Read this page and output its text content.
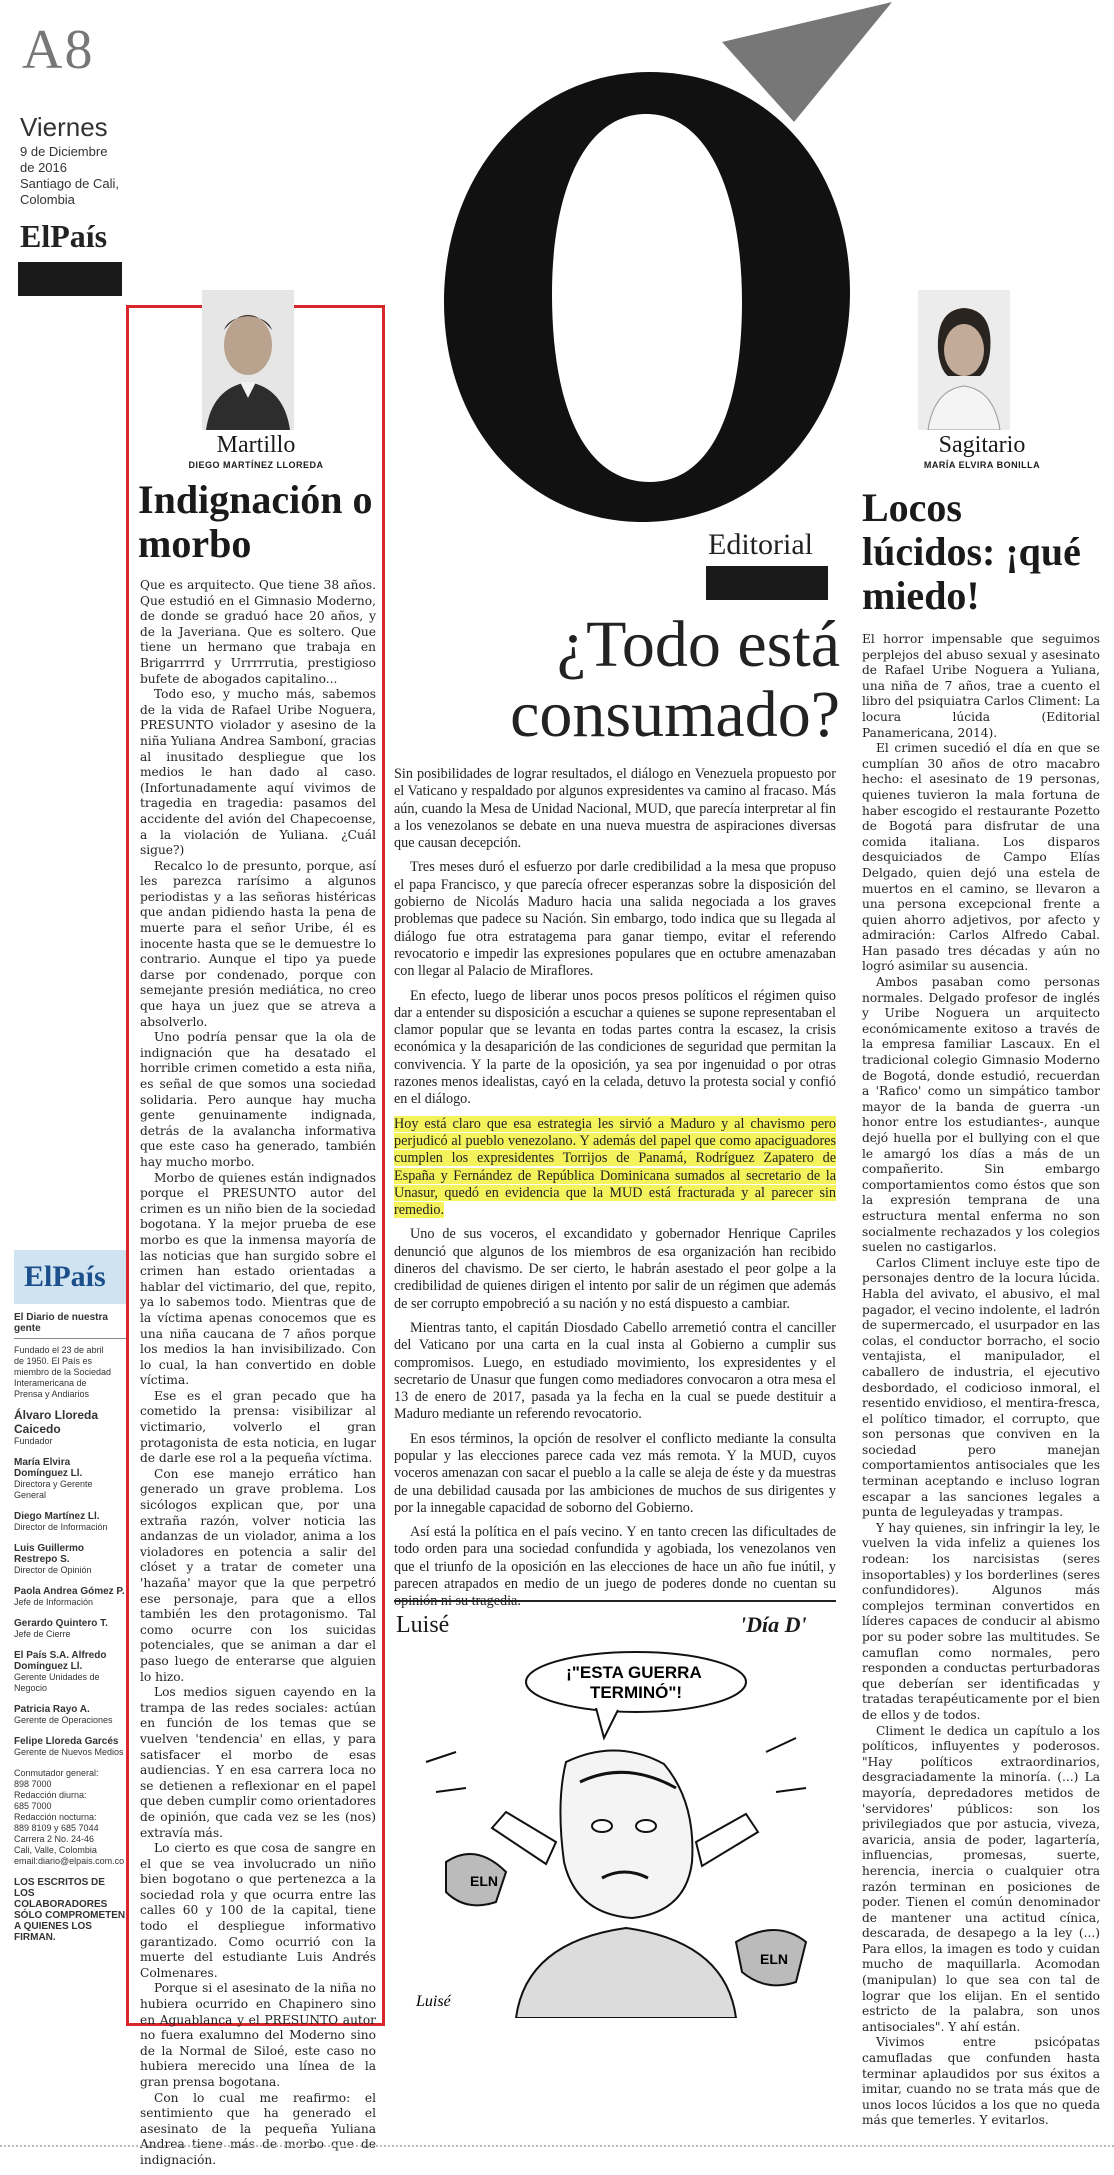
A8
Viernes
9 de Diciembre
de 2016
Santiago de Cali,
Colombia
ElPaís
ElPaís
El Diario de nuestra gente
Fundado el 23 de abril
de 1950. El País es
miembro de la Sociedad
Interamericana de
Prensa y Andiarios
Álvaro Lloreda Caicedo
Fundador
María Elvira Domínguez Ll.
Directora y Gerente General
Diego Martínez Ll.
Director de Información
Luis Guillermo Restrepo S.
Director de Opinión
Paola Andrea Gómez P.
Jefe de Información
Gerardo Quintero T.
Jefe de Cierre
El País S.A. Alfredo Domínguez Ll.
Gerente Unidades de Negocio
Patricia Rayo A.
Gerente de Operaciones
Felipe Lloreda Garcés
Gerente de Nuevos Medios
Conmutador general:
898 7000
Redacción diurna:
685 7000
Redacción nocturna:
889 8109 y 685 7044
Carrera 2 No. 24-46
Cali, Valle, Colombia
email:diario@elpais.com.co
LOS ESCRITOS DE LOS COLABORADORES SÓLO COMPROMETEN A QUIENES LOS FIRMAN.
Martillo
DIEGO MARTÍNEZ LLOREDA
Indignación o morbo

Que es arquitecto. Que tiene 38 años. Que estudió en el Gimnasio Moderno, de donde se graduó hace 20 años, y de la Javeriana. Que es soltero. Que tiene un hermano que trabaja en Brigarrrrd y Urrrrrutia, prestigioso bufete de abogados capitalino...

Todo eso, y mucho más, sabemos de la vida de Rafael Uribe Noguera, PRESUNTO violador y asesino de la niña Yuliana Andrea Samboní, gracias al inusitado despliegue que los medios le han dado al caso. (Infortunadamente aquí vivimos de tragedia en tragedia: pasamos del accidente del avión del Chapecoense, a la violación de Yuliana. ¿Cuál sigue?)

Recalco lo de presunto, porque, así les parezca rarísimo a algunos periodistas y a las señoras histéricas que andan pidiendo hasta la pena de muerte para el señor Uribe, él es inocente hasta que se le demuestre lo contrario. Aunque el tipo ya puede darse por condenado, porque con semejante presión mediática, no creo que haya un juez que se atreva a absolverlo.

Uno podría pensar que la ola de indignación que ha desatado el horrible crimen cometido a esta niña, es señal de que somos una sociedad solidaria. Pero aunque hay mucha gente genuinamente indignada, detrás de la avalancha informativa que este caso ha generado, también hay mucho morbo.

Morbo de quienes están indignados porque el PRESUNTO autor del crimen es un niño bien de la sociedad bogotana. Y la mejor prueba de ese morbo es que la inmensa mayoría de las noticias que han surgido sobre el crimen han estado orientadas a hablar del victimario, del que, repito, ya lo sabemos todo. Mientras que de la víctima apenas conocemos que es una niña caucana de 7 años porque los medios la han invisibilizado. Con lo cual, la han convertido en doble víctima.

Ese es el gran pecado que ha cometido la prensa: visibilizar al victimario, volverlo el gran protagonista de esta noticia, en lugar de darle ese rol a la pequeña víctima.

Con ese manejo errático han generado un grave problema. Los sicólogos explican que, por una extraña razón, volver noticia las andanzas de un violador, anima a los violadores en potencia a salir del clóset y a tratar de cometer una 'hazaña' mayor que la que perpetró ese personaje, para que a ellos también les den protagonismo. Tal como ocurre con los suicidas potenciales, que se animan a dar el paso luego de enterarse que alguien lo hizo.

Los medios siguen cayendo en la trampa de las redes sociales: actúan en función de los temas que se vuelven 'tendencia' en ellas, y para satisfacer el morbo de esas audiencias. Y en esa carrera loca no se detienen a reflexionar en el papel que deben cumplir como orientadores de opinión, que cada vez se les (nos) extravía más.

Lo cierto es que cosa de sangre en el que se vea involucrado un niño bien bogotano o que pertenezca a la sociedad rola y que ocurra entre las calles 60 y 100 de la capital, tiene todo el despliegue informativo garantizado. Como ocurrió con la muerte del estudiante Luis Andrés Colmenares.

Porque si el asesinato de la niña no hubiera ocurrido en Chapinero sino en Aguablanca y el PRESUNTO autor no fuera exalumno del Moderno sino de la Normal de Siloé, este caso no hubiera merecido una línea de la gran prensa bogotana.

Con lo cual me reafirmo: el sentimiento que ha generado el asesinato de la pequeña Yuliana Andrea tiene más de morbo que de indignación.

Editorial
¿Todo está consumado?

Sin posibilidades de lograr resultados, el diálogo en Venezuela propuesto por el Vaticano y respaldado por algunos expresidentes va camino al fracaso. Más aún, cuando la Mesa de Unidad Nacional, MUD, que parecía interpretar al fin a los venezolanos se debate en una nueva muestra de aspiraciones diversas que causan decepción.

Tres meses duró el esfuerzo por darle credibilidad a la mesa que propuso el papa Francisco, y que parecía ofrecer esperanzas sobre la disposición del gobierno de Nicolás Maduro hacia una salida negociada a los graves problemas que padece su Nación. Sin embargo, todo indica que su llegada al diálogo fue otra estratagema para ganar tiempo, evitar el referendo revocatorio e impedir las expresiones populares que en octubre amenazaban con llegar al Palacio de Miraflores.

En efecto, luego de liberar unos pocos presos políticos el régimen quiso dar a entender su disposición a escuchar a quienes se supone representaban el clamor popular que se levanta en todas partes contra la escasez, la crisis económica y la desaparición de las condiciones de seguridad que permitan la convivencia. Y la parte de la oposición, ya sea por ingenuidad o por otras razones menos idealistas, cayó en la celada, detuvo la protesta social y confió en el diálogo.

Hoy está claro que esa estrategia les sirvió a Maduro y al chavismo pero perjudicó al pueblo venezolano. Y además del papel que como apaciguadores cumplen los expresidentes Torrijos de Panamá, Rodríguez Zapatero de España y Fernández de República Dominicana sumados al secretario de la Unasur, quedó en evidencia que la MUD está fracturada y al parecer sin remedio.

Uno de sus voceros, el excandidato y gobernador Henrique Capriles denunció que algunos de los miembros de esa organización han recibido dineros del chavismo. De ser cierto, le habrán asestado el peor golpe a la credibilidad de quienes dirigen el intento por salir de un régimen que además de ser corrupto empobreció a su nación y no está dispuesto a cambiar.

Mientras tanto, el capitán Diosdado Cabello arremetió contra el canciller del Vaticano por una carta en la cual insta al Gobierno a cumplir sus compromisos. Luego, en estudiado movimiento, los expresidentes y el secretario de Unasur que fungen como mediadores convocaron a otra mesa el 13 de enero de 2017, pasada ya la fecha en la cual se puede destituir a Maduro mediante un referendo revocatorio.

En esos términos, la opción de resolver el conflicto mediante la consulta popular y las elecciones parece cada vez más remota. Y la MUD, cuyos voceros amenazan con sacar el pueblo a la calle se aleja de éste y da muestras de una debilidad causada por las ambiciones de muchos de sus dirigentes y por la innegable capacidad de soborno del Gobierno.

Así está la política en el país vecino. Y en tanto crecen las dificultades de todo orden para una sociedad confundida y agobiada, los venezolanos ven que el triunfo de la oposición en las elecciones de hace un año fue inútil, y parecen atrapados en medio de un juego de poderes donde no cuentan su

Luisé	'Día D'
¡"ESTA GUERRA TERMINÓ"!
ELN
ELN
Luisé
Sagitario
MARÍA ELVIRA BONILLA
Locos lúcidos: ¡qué miedo!

El horror impensable que seguimos perplejos del abuso sexual y asesinato de Rafael Uribe Noguera a Yuliana, una niña de 7 años, trae a cuento el libro del psiquiatra Carlos Climent: La locura lúcida (Editorial Panamericana, 2014).

El crimen sucedió el día en que se cumplían 30 años de otro macabro hecho: el asesinato de 19 personas, quienes tuvieron la mala fortuna de haber escogido el restaurante Pozetto de Bogotá para disfrutar de una comida italiana. Los disparos desquiciados de Campo Elías Delgado, quien dejó una estela de muertos en el camino, se llevaron a una persona excepcional frente a quien ahorro adjetivos, por afecto y admiración: Carlos Alfredo Cabal. Han pasado tres décadas y aún no logró asimilar su ausencia.

Ambos pasaban como personas normales. Delgado profesor de inglés y Uribe Noguera un arquitecto económicamente exitoso a través de la empresa familiar Lascaux. En el tradicional colegio Gimnasio Moderno de Bogotá, donde estudió, recuerdan a 'Rafico' como un simpático tambor mayor de la banda de guerra -un honor entre los estudiantes-, aunque dejó huella por el bullying con el que le amargó los días a más de un compañerito. Sin embargo comportamientos como éstos que son la expresión temprana de una estructura mental enferma no son socialmente rechazados y los colegios suelen no castigarlos.

Carlos Climent incluye este tipo de personajes dentro de la locura lúcida. Habla del avivato, el abusivo, el mal pagador, el vecino indolente, el ladrón de supermercado, el usurpador en las colas, el conductor borracho, el socio ventajista, el manipulador, el caballero de industria, el ejecutivo desbordado, el codicioso inmoral, el resentido envidioso, el mentira-fresca, el político timador, el corrupto, que son personas que conviven en la sociedad pero manejan comportamientos antisociales que les terminan aceptando e incluso logran escapar a las sanciones legales a punta de leguleyadas y trampas.

Y hay quienes, sin infringir la ley, le vuelven la vida infeliz a quienes los rodean: los narcisistas (seres insoportables) y los borderlines (seres confundidores). Algunos más complejos terminan convertidos en líderes capaces de conducir al abismo por su poder sobre las multitudes. Se camuflan como normales, pero responden a conductas perturbadoras que deberían ser identificadas y tratadas terapéuticamente por el bien de ellos y de todos.

Climent le dedica un capítulo a los políticos, influyentes y poderosos. "Hay políticos extraordinarios, desgraciadamente la minoría. (...) La mayoría, depredadores metidos de 'servidores' públicos: son los privilegiados que por astucia, viveza, avaricia, ansia de poder, lagartería, influencias, promesas, suerte, herencia, inercia o cualquier otra razón terminan en posiciones de poder. Tienen el común denominador de mantener una actitud cínica, descarada, de desapego a la ley (...) Para ellos, la imagen es todo y cuidan mucho de maquillarla. Acomodan (manipulan) lo que sea con tal de lograr que los elijan. En el sentido estricto de la palabra, son unos antisociales". Y ahí están.

Vivimos entre psicópatas camufladas que confunden hasta terminar aplaudidos por sus éxitos a imitar, cuando no se trata más que de unos locos lúcidos a los que no queda más que temerles. Y evitarlos.
